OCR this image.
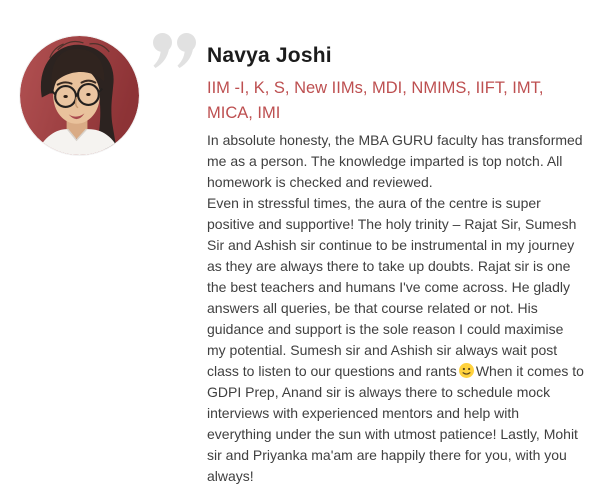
Navya Joshi
IIM -I, K, S, New IIMs, MDI, NMIMS, IIFT, IMT, MICA, IMI

In absolute honesty, the MBA GURU faculty has transformed me as a person. The knowledge imparted is top notch. All homework is checked and reviewed.

Even in stressful times, the aura of the centre is super positive and supportive! The holy trinity – Rajat Sir, Sumesh Sir and Ashish sir continue to be instrumental in my journey as they are always there to take up doubts. Rajat sir is one the best teachers and humans I've come across. He gladly answers all queries, be that course related or not. His guidance and support is the sole reason I could maximise my potential. Sumesh sir and Ashish sir always wait post class to listen to our questions and rants When it comes to GDPI Prep, Anand sir is always there to schedule mock interviews with experienced mentors and help with everything under the sun with utmost patience! Lastly, Mohit sir and Priyanka ma'am are happily there for you, with you always!
